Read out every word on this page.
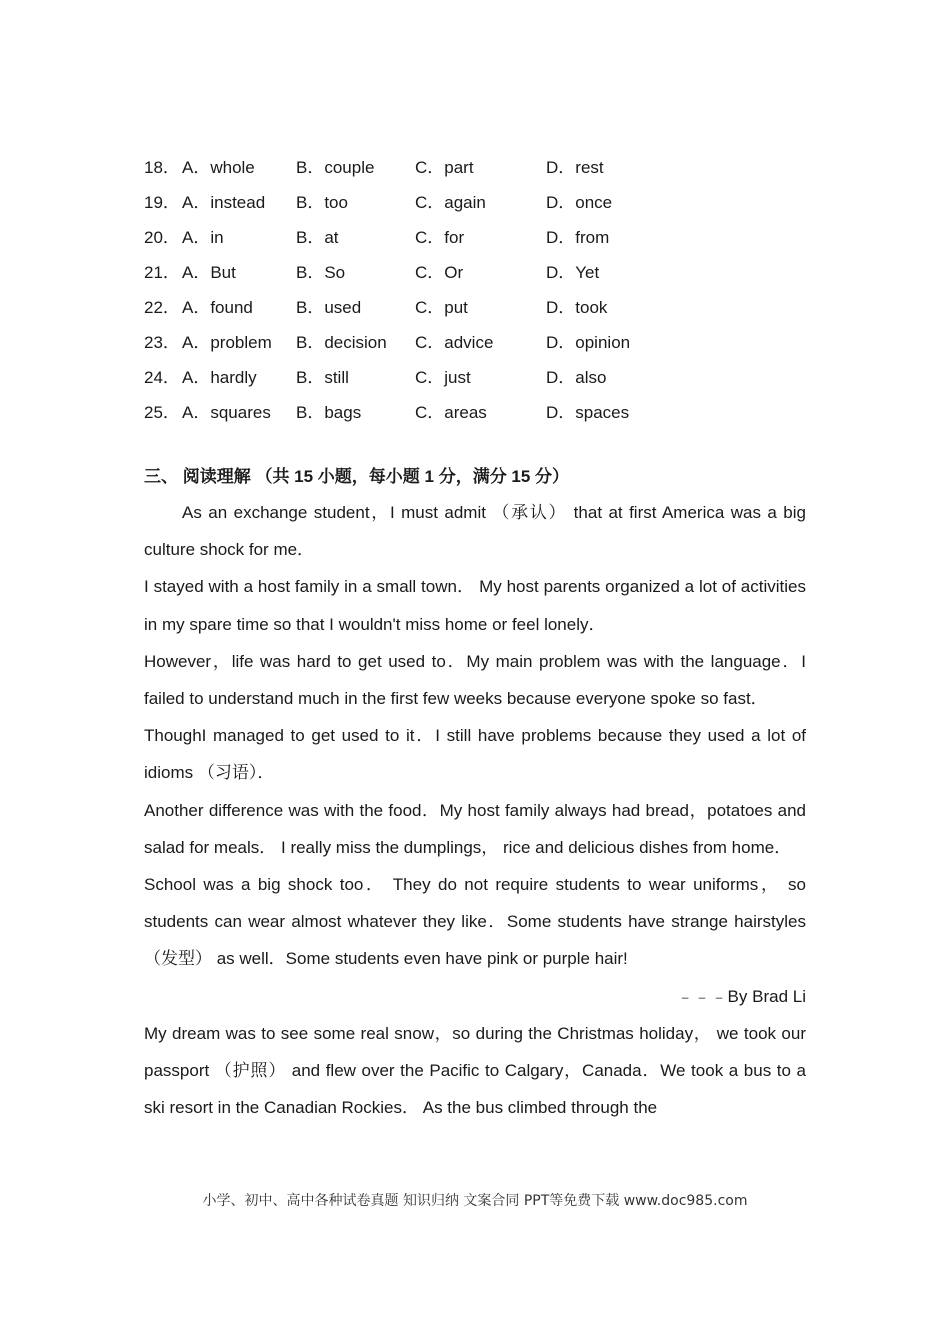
18． A．whole	B．couple	C．part	D．rest
19． A．instead	B．too	C．again	D．once
20． A．in	B．at	C．for	D．from
21． A．But	B．So	C．Or	D．Yet
22． A．found	B．used	C．put	D．took
23． A．problem	B．decision	C．advice	D．opinion
24． A．hardly	B．still	C．just	D．also
25． A．squares	B．bags	C．areas	D．spaces
三、 阅读理解 （共 15 小题，每小题 1 分，满分 15 分）

As an exchange student，I must admit （承认） that at first America was a big culture shock for me．

I stayed with a host family in a small town． My host parents organized a lot of activities in my spare time so that I wouldn't miss home or feel lonely．

However，life was hard to get used to．My main problem was with the language．I failed to understand much in the first few weeks because everyone spoke so fast．

ThoughI managed to get used to it．I still have problems because they used a lot of idioms （习语）．

Another difference was with the food．My host family always had bread，potatoes and salad for meals． I really miss the dumplings， rice and delicious dishes from home．

School was a big shock too． They do not require students to wear uniforms， so students can wear almost whatever they like．Some students have strange hairstyles （发型） as well．Some students even have pink or purple hair!

﹣﹣﹣By Brad Li

My dream was to see some real snow，so during the Christmas holiday， we took our passport （护照） and flew over the Pacific to Calgary，Canada．We took a bus to a ski resort in the Canadian Rockies． As the bus climbed through the

小学、初中、高中各种试卷真题 知识归纳 文案合同 PPT等免费下载 www.doc985.com
